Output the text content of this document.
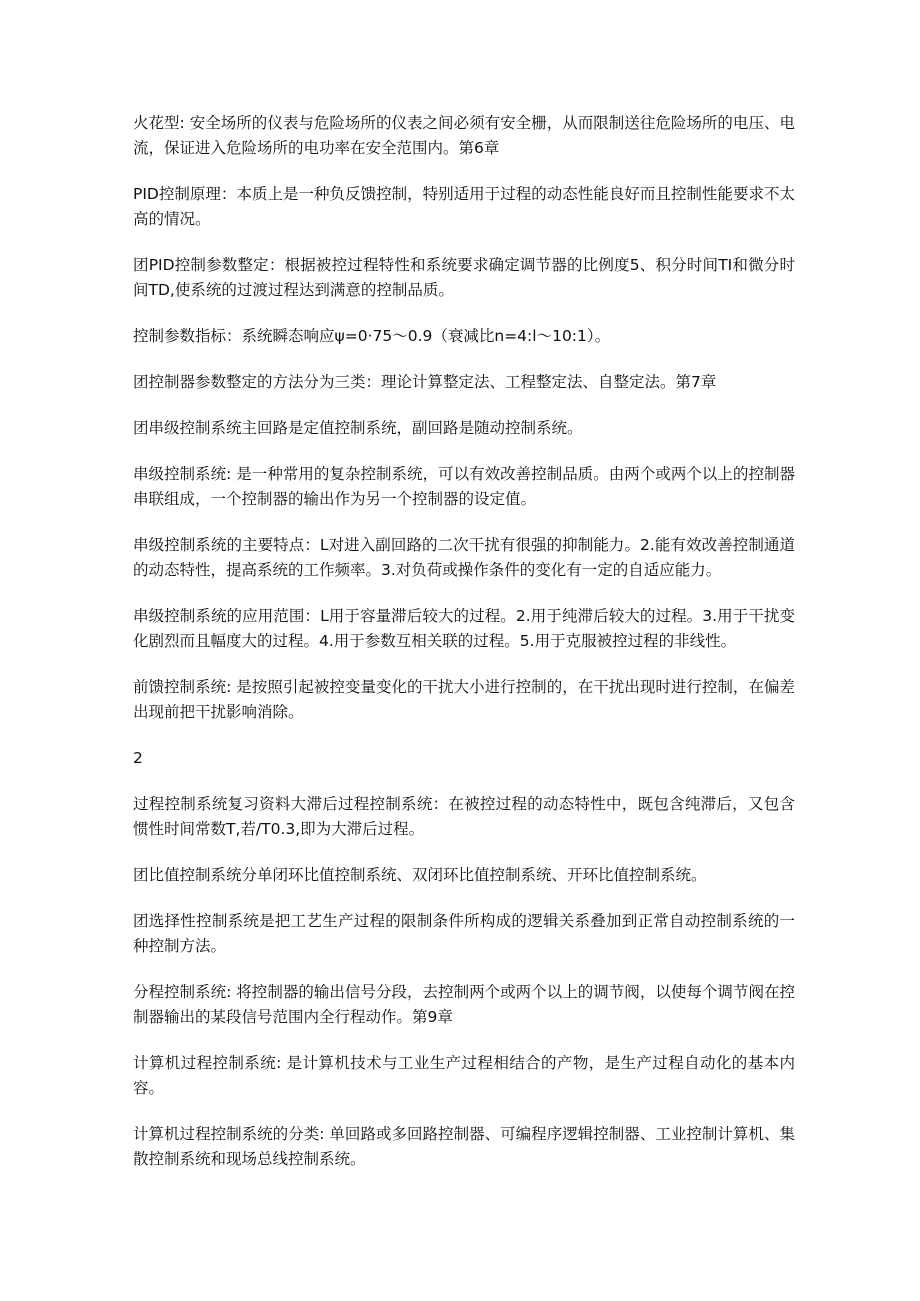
火花型: 安全场所的仪表与危险场所的仪表之间必须有安全栅，从而限制送往危险场所的电压、电流，保证进入危险场所的电功率在安全范围内。第6章

PID控制原理：本质上是一种负反馈控制，特别适用于过程的动态性能良好而且控制性能要求不太高的情况。

团PID控制参数整定：根据被控过程特性和系统要求确定调节器的比例度5、积分时间TI和微分时间TD,使系统的过渡过程达到满意的控制品质。

控制参数指标：系统瞬态响应ψ=0·75～0.9（衰减比n=4:l～10:1）。

团控制器参数整定的方法分为三类：理论计算整定法、工程整定法、自整定法。第7章

团串级控制系统主回路是定值控制系统，副回路是随动控制系统。

串级控制系统: 是一种常用的复杂控制系统，可以有效改善控制品质。由两个或两个以上的控制器串联组成，一个控制器的输出作为另一个控制器的设定值。

串级控制系统的主要特点：L对进入副回路的二次干扰有很强的抑制能力。2.能有效改善控制通道的动态特性，提高系统的工作频率。3.对负荷或操作条件的变化有一定的自适应能力。

串级控制系统的应用范围：L用于容量滞后较大的过程。2.用于纯滞后较大的过程。3.用于干扰变化剧烈而且幅度大的过程。4.用于参数互相关联的过程。5.用于克服被控过程的非线性。

前馈控制系统: 是按照引起被控变量变化的干扰大小进行控制的，在干扰出现时进行控制，在偏差出现前把干扰影响消除。

2

过程控制系统复习资料大滞后过程控制系统：在被控过程的动态特性中，既包含纯滞后，又包含惯性时间常数T,若/T0.3,即为大滞后过程。

团比值控制系统分单闭环比值控制系统、双闭环比值控制系统、开环比值控制系统。

团选择性控制系统是把工艺生产过程的限制条件所构成的逻辑关系叠加到正常自动控制系统的一种控制方法。

分程控制系统: 将控制器的输出信号分段，去控制两个或两个以上的调节阀，以使每个调节阀在控制器输出的某段信号范围内全行程动作。第9章

计算机过程控制系统: 是计算机技术与工业生产过程相结合的产物，是生产过程自动化的基本内容。

计算机过程控制系统的分类: 单回路或多回路控制器、可编程序逻辑控制器、工业控制计算机、集散控制系统和现场总线控制系统。
